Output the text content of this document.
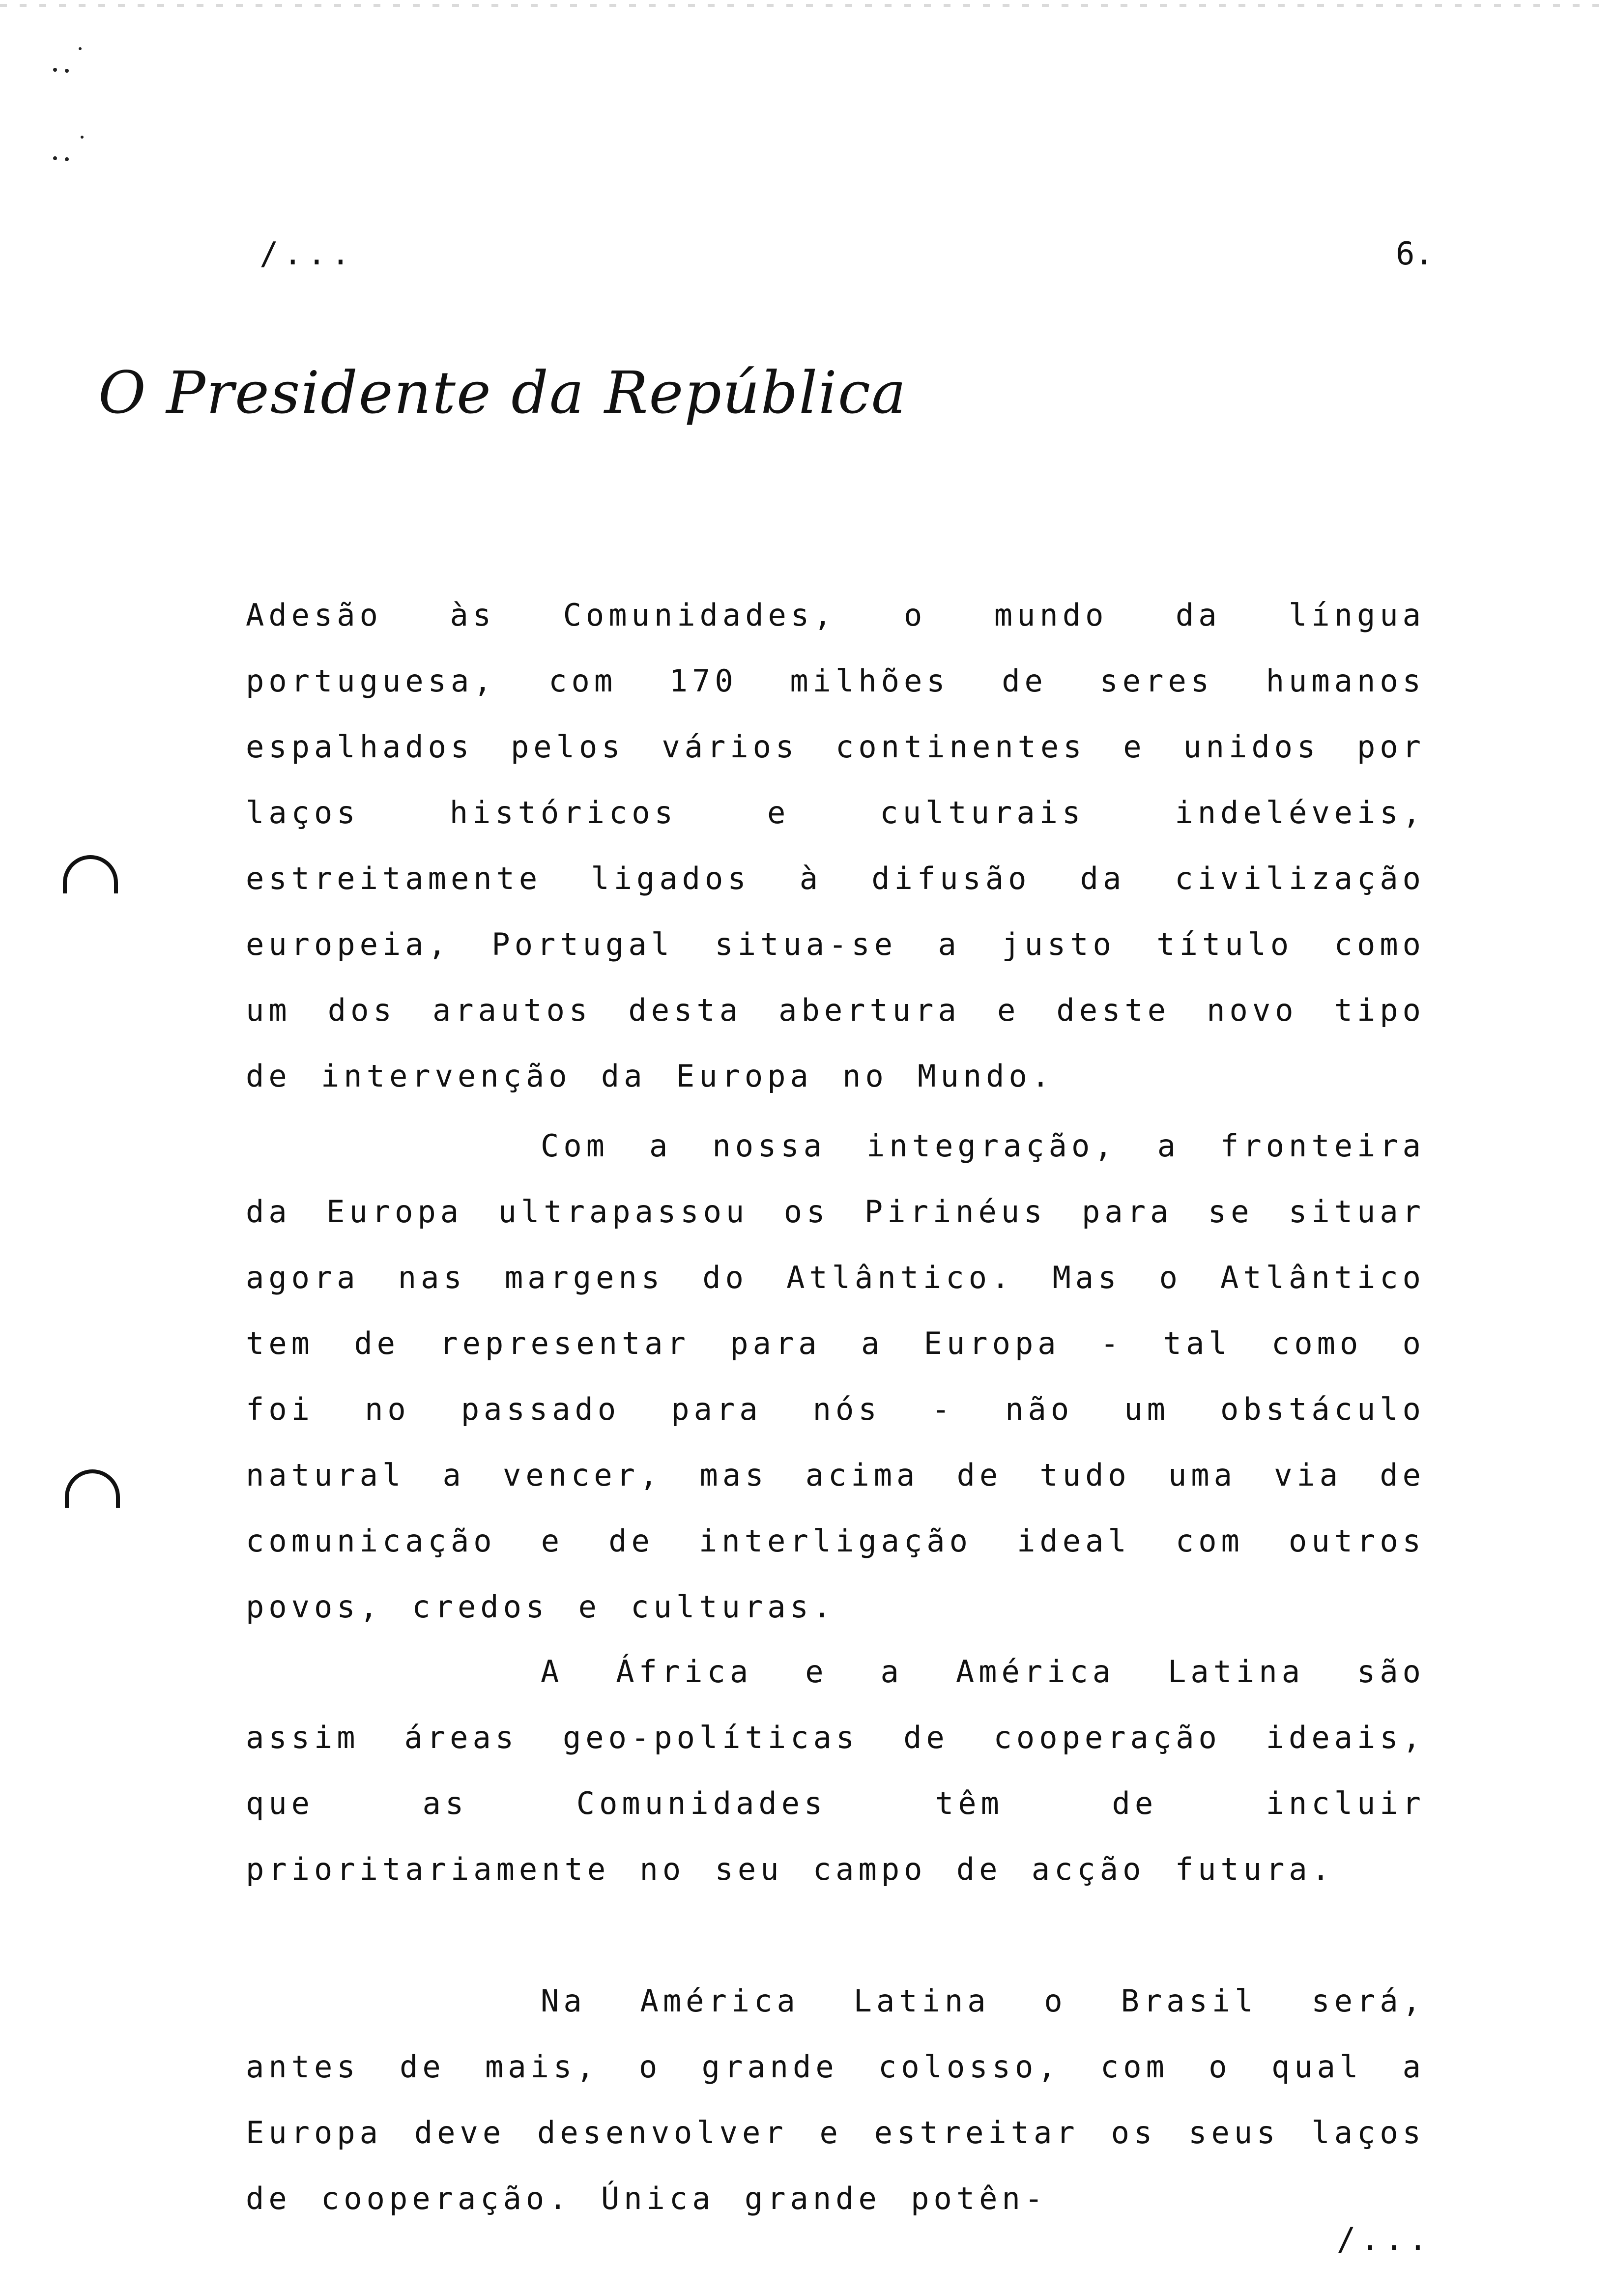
/...	6.
O Presidente da República

Adesão às Comunidades, o mundo da língua portuguesa, com 170 milhões de seres humanos espalhados pelos vários continentes e unidos por laços históricos e culturais indeléveis, estreitamente ligados à difusão da civilização europeia, Portugal situa-se a justo título como um dos arautos desta abertura e deste novo tipo de intervenção da Europa no Mundo.

Com a nossa integração, a fronteira da Europa ultrapassou os Pirinéus para se situar agora nas margens do Atlântico. Mas o Atlântico tem de representar para a Europa - tal como o foi no passado para nós - não um obstáculo natural a vencer, mas acima de tudo uma via de comunicação e de interligação ideal com outros povos, credos e culturas.

A África e a América Latina são assim áreas geo-políticas de cooperação ideais, que as Comunidades têm de incluir prioritariamente no seu campo de acção futura.

Na América Latina o Brasil será, antes de mais, o grande colosso, com o qual a Europa deve desenvolver e estreitar os seus laços de cooperação. Única grande potên-

/...
